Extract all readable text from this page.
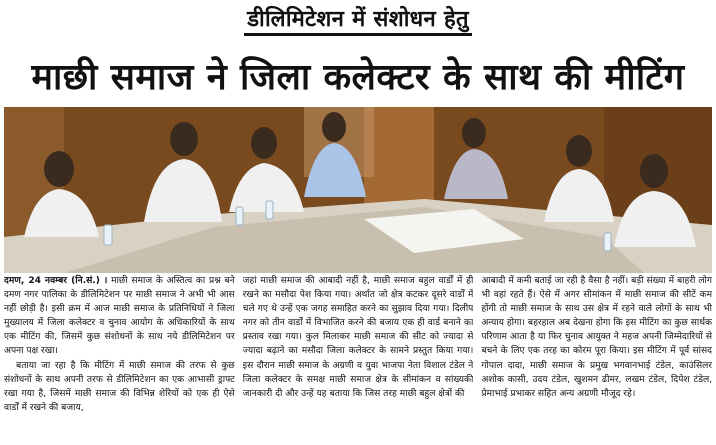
डीलिमिटेशन में संशोधन हेतु
माछी समाज ने जिला कलेक्टर के साथ की मीटिंग

दमण, 24 नवम्बर (नि.सं.) । माछी समाज के अस्तित्व का प्रश्न बने दमण नगर पालिका के डीलिमिटेशन पर माछी समाज ने अभी भी आस नहीं छोड़ी है। इसी क्रम में आज माछी समाज के प्रतिनिधियों ने जिला मुख्यालय में जिला कलेक्टर व चुनाव आयोग के अधिकारियों के साथ एक मीटिंग की, जिसमें कुछ संशोधनों के साथ नये डीलिमिटेशन पर अपना पक्ष रखा।

बताया जा रहा है कि मीटिंग में माछी समाज की तरफ से कुछ संशोधनों के साथ अपनी तरफ से डीलिमिटेशन का एक आभासी ड्राफ्ट रखा गया है, जिसमें माछी समाज की विभिन्न शेरियों को एक ही ऐसे वार्डों में रखने की बजाय,

जहां माछी समाज की आबादी नहीं है, माछी समाज बहुल वार्डों में ही रखने का मसौदा पेश किया गया। अर्थात जो क्षेत्र कटकर दूसरे वार्डों में चले गए थे उन्हें एक जगह समाहित करने का सुझाव दिया गया। दिलीप नगर को तीन वार्डों में विभाजित करने की बजाय एक ही वार्ड बनाने का प्रस्ताव रखा गया। कुल मिलाकर माछी समाज की सीट को ज्यादा से ज्यादा बढ़ाने का मसौदा जिला कलेक्टर के सामने प्रस्तुत किया गया। इस दौरान माछी समाज के अग्रणी व युवा भाजपा नेता विशाल टंडेल ने जिला कलेक्टर के समक्ष माछी समाज क्षेत्र के सीमांकन व सांख्यकी जानकारी दी और उन्हें यह बताया कि जिस तरह माछी बहुल क्षेत्रों की

आबादी में कमी बताई जा रही है वैसा है नहीं। बड़ी संख्या में बाहरी लोग भी वहां रहते हैं। ऐसे में अगर सीमांकन में माछी समाज की सीटें कम होंगी तो माछी समाज के साथ उस क्षेत्र में रहने वाले लोगों के साथ भी अन्याय होगा। बहरहाल अब देखना होगा कि इस मीटिंग का कुछ सार्थक परिणाम आता है या फिर चुनाव आयुक्त ने महज अपनी जिम्मेदारियों से बचने के लिए एक तरह का कोरम पूरा किया। इस मीटिंग में पूर्व सांसद गोपाल दादा, माछी समाज के प्रमुख भगवानभाई टंडेल, काउंसिलर अशोक कासी, उदय टंडेल, खुशमन ढीमर, लखम टंडेल, दिपेश टंडेल, प्रेमाभाई प्रभाकर सहित अन्य अग्रणी मौजूद रहे।
